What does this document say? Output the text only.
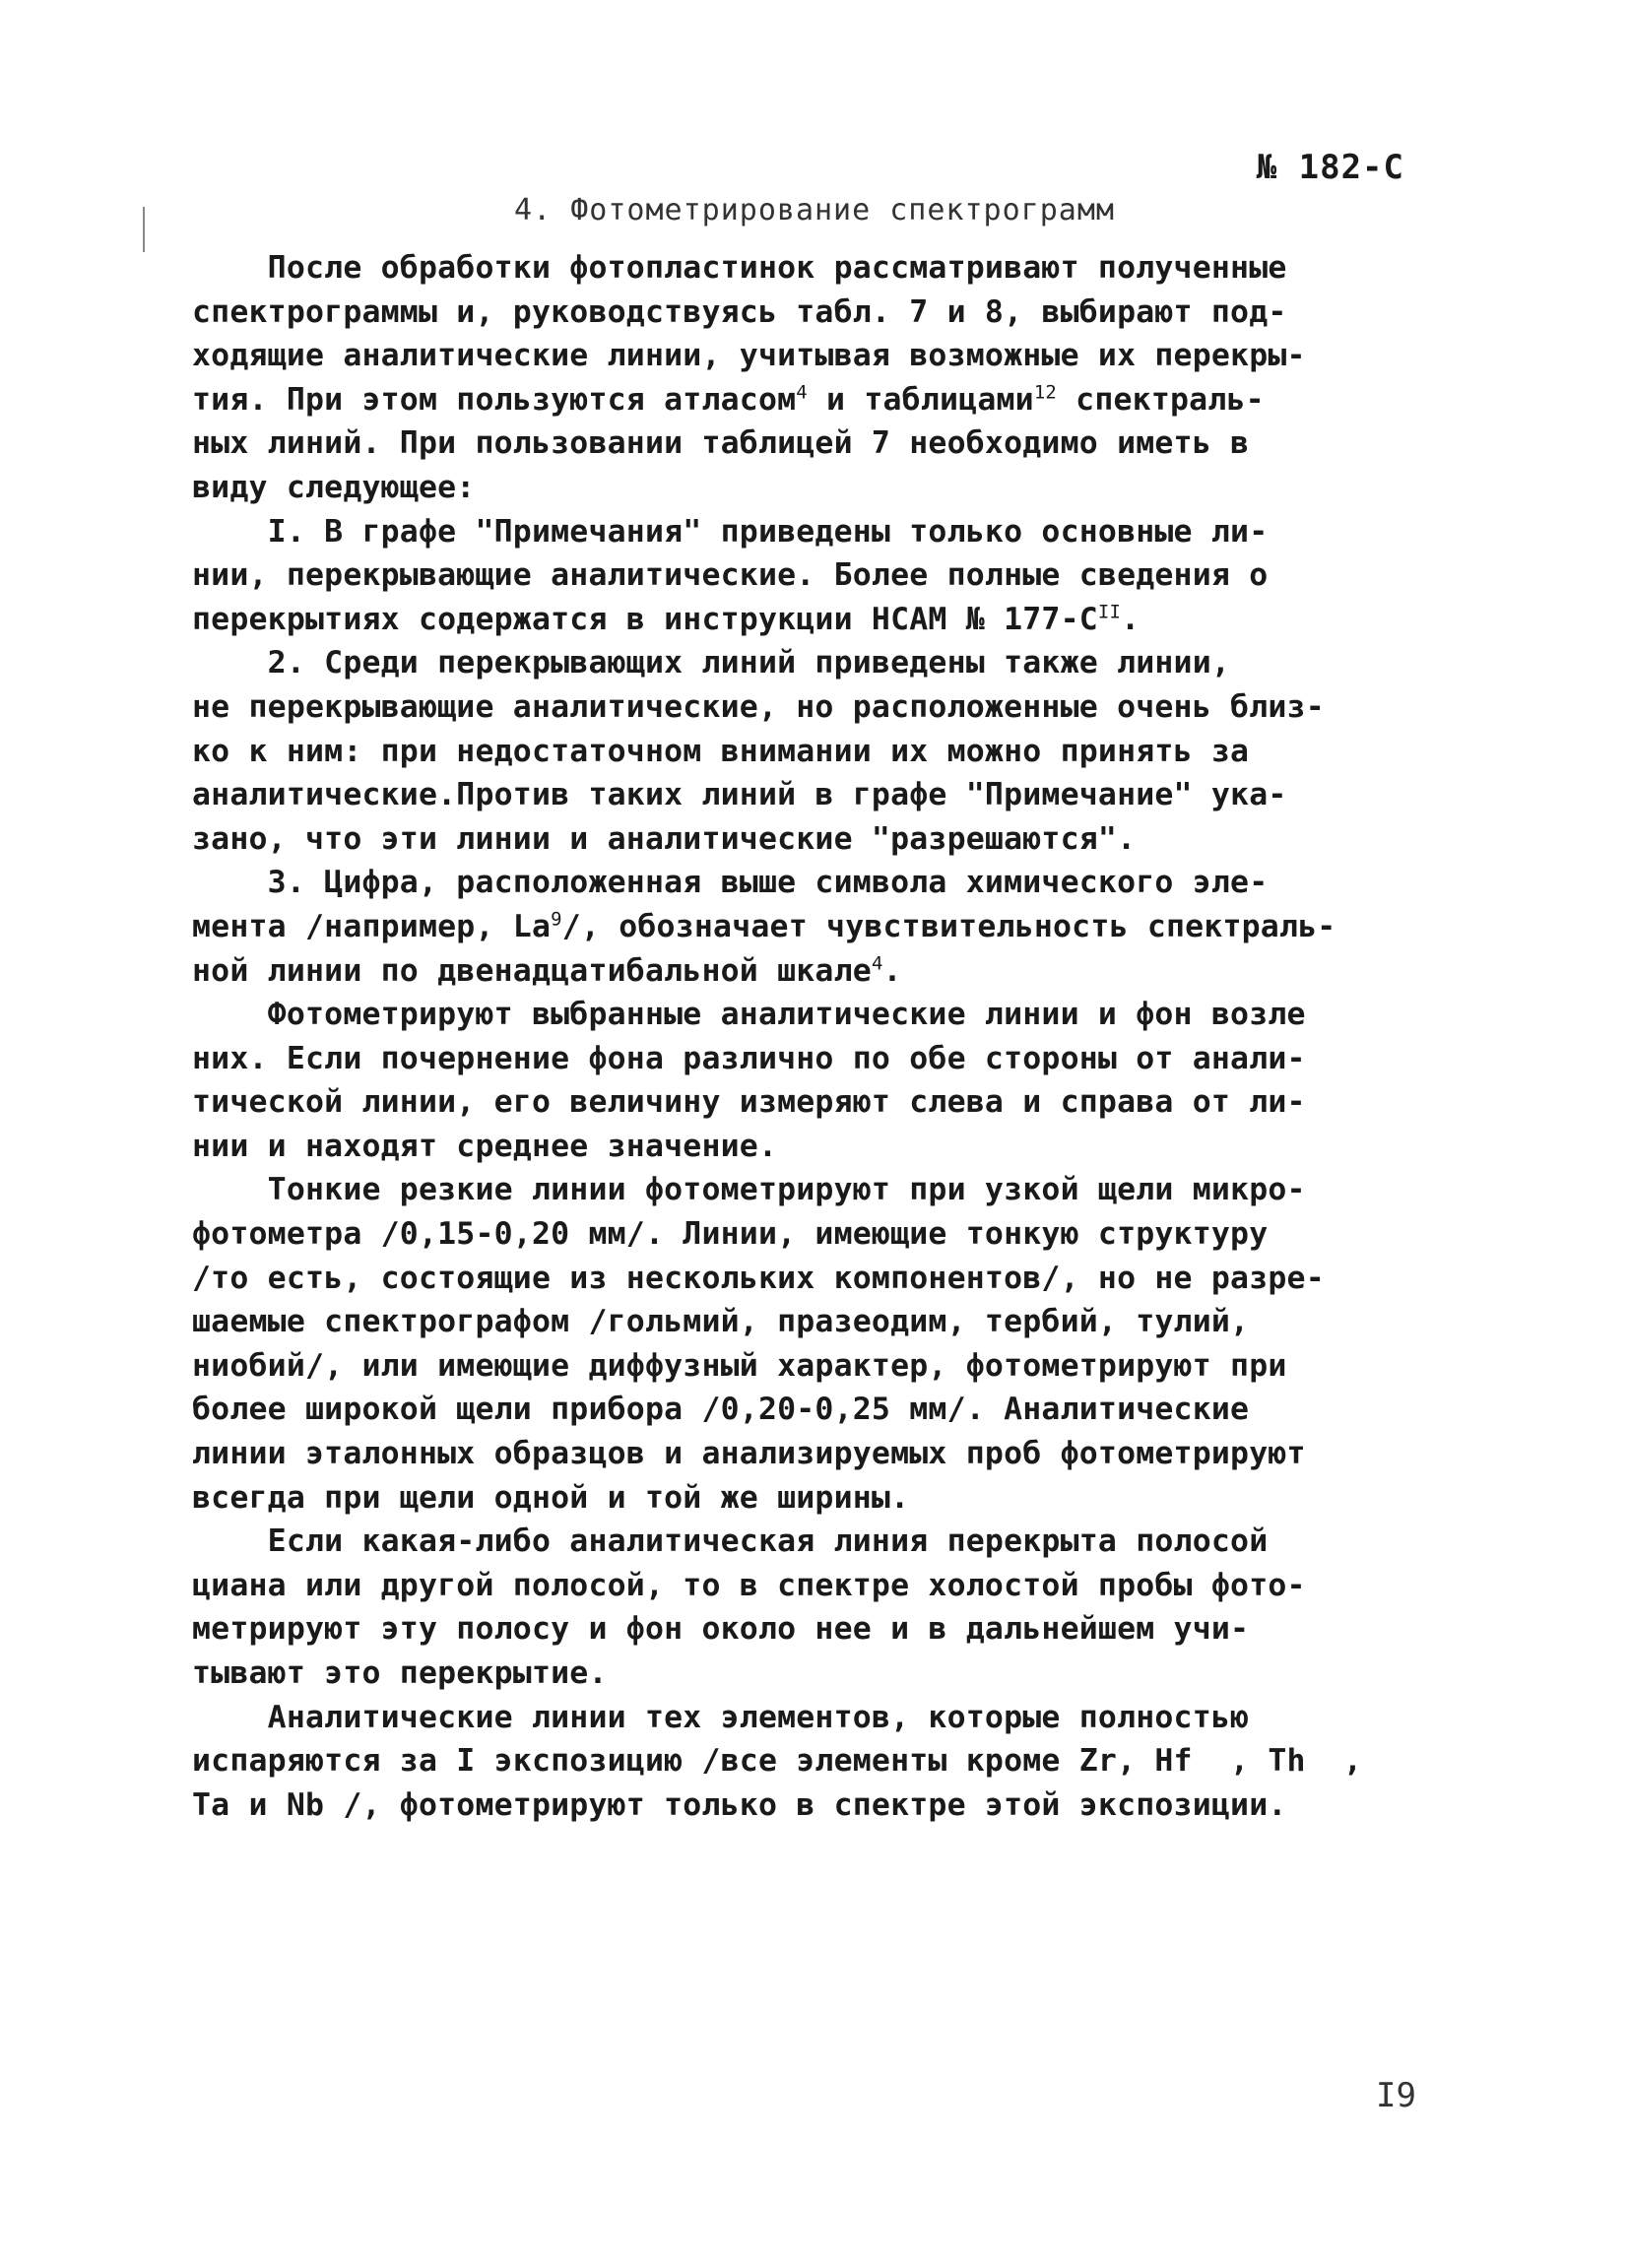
№ 182-С
4. Фотометрирование спектрограмм
После обработки фотопластинок рассматривают полученные
спектрограммы и, руководствуясь табл. 7 и 8, выбирают под-
ходящие аналитические линии, учитывая возможные их перекры-
тия. При этом пользуются атласом$^4$ и таблицами$^{12}$ спектраль-
ных линий. При пользовании таблицей 7 необходимо иметь в
виду следующее:
I. В графе "Примечания" приведены только основные ли-
нии, перекрывающие аналитические. Более полные сведения о
перекрытиях содержатся в инструкции НСАМ № $177-С^{II}$.
2. Среди перекрывающих линий приведены также линии,
не перекрывающие аналитические, но расположенные очень близ-
ко к ним: при недостаточном внимании их можно принять за
аналитические.Против таких линий в графе "Примечание" ука-
зано, что эти линии и аналитические "разрешаются".
3. Цифра, расположенная выше символа химического эле-
мента /например, La$^9$/, обозначает чувствительность спектраль-
ной линии по двенадцатибальной шкале$^4$.
Фотометрируют выбранные аналитические линии и фон возле
них. Если почернение фона различно по обе стороны от анали-
тической линии, его величину измеряют слева и справа от ли-
нии и находят среднее значение.
Тонкие резкие линии фотометрируют при узкой щели микро-
фотометра /0,15-0,20 мм/. Линии, имеющие тонкую структуру
/то есть, состоящие из нескольких компонентов/, но не разре-
шаемые спектрографом /гольмий, празеодим, тербий, тулий,
ниобий/, или имеющие диффузный характер, фотометрируют при
более широкой щели прибора /0,20-0,25 мм/. Аналитические
линии эталонных образцов и анализируемых проб фотометрируют
всегда при щели одной и той же ширины.
Если какая-либо аналитическая линия перекрыта полосой
циана или другой полосой, то в спектре холостой пробы фото-
метрируют эту полосу и фон около нее и в дальнейшем учи-
тывают это перекрытие.
Аналитические линии тех элементов, которые полностью
испаряются за I экспозицию /все элементы кроме Zr, Hf  , Th  ,
Ta и Nb /, фотометрируют только в спектре этой экспозиции.
I9
